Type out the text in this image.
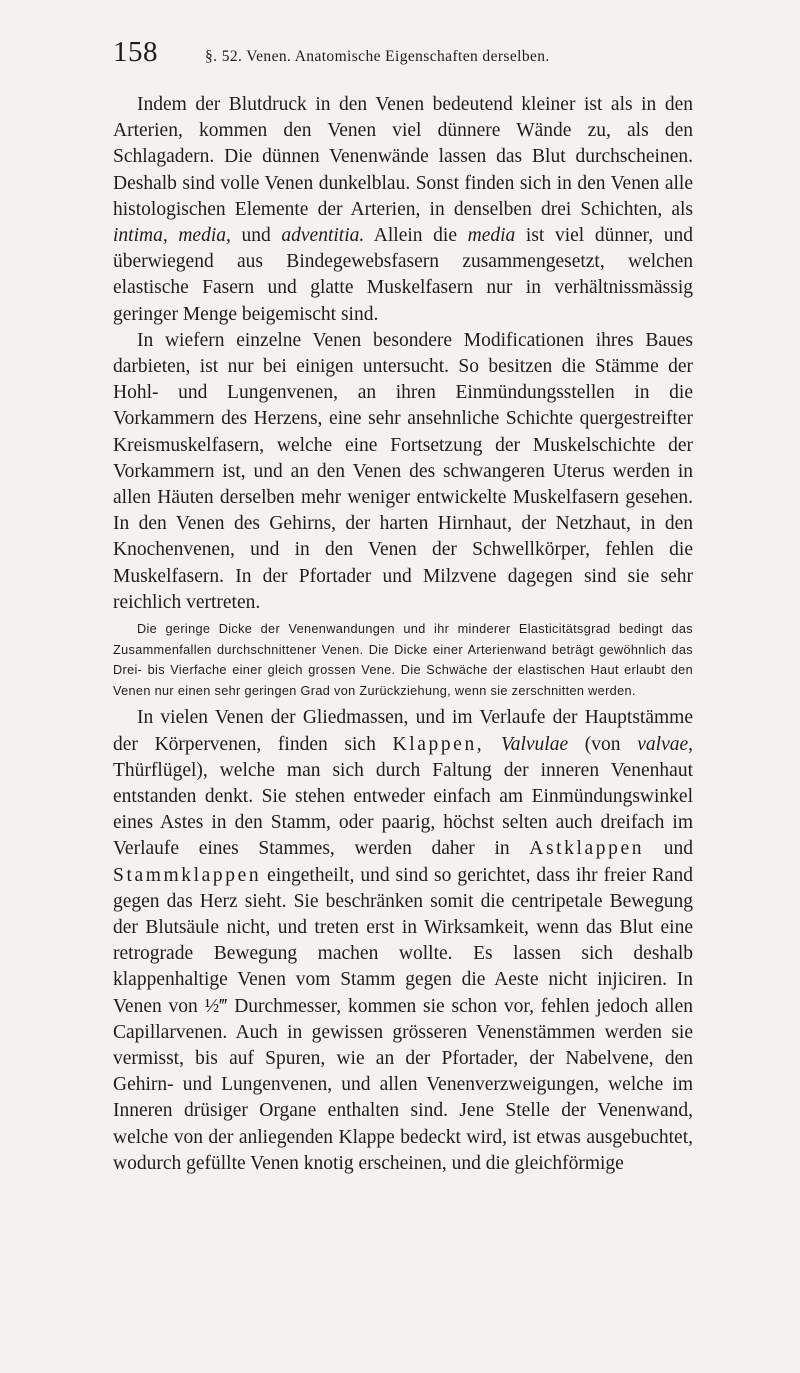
158	§. 52. Venen. Anatomische Eigenschaften derselben.

Indem der Blutdruck in den Venen bedeutend kleiner ist als in den Arterien, kommen den Venen viel dünnere Wände zu, als den Schlagadern. Die dünnen Venenwände lassen das Blut durchscheinen. Deshalb sind volle Venen dunkelblau. Sonst finden sich in den Venen alle histologischen Elemente der Arterien, in denselben drei Schichten, als intima, media, und adventitia. Allein die media ist viel dünner, und überwiegend aus Bindegewebsfasern zusammengesetzt, welchen elastische Fasern und glatte Muskelfasern nur in verhältnissmässig geringer Menge beigemischt sind.

In wiefern einzelne Venen besondere Modificationen ihres Baues darbieten, ist nur bei einigen untersucht. So besitzen die Stämme der Hohl- und Lungenvenen, an ihren Einmündungsstellen in die Vorkammern des Herzens, eine sehr ansehnliche Schichte quergestreifter Kreismuskelfasern, welche eine Fortsetzung der Muskelschichte der Vorkammern ist, und an den Venen des schwangeren Uterus werden in allen Häuten derselben mehr weniger entwickelte Muskelfasern gesehen. In den Venen des Gehirns, der harten Hirnhaut, der Netzhaut, in den Knochenvenen, und in den Venen der Schwellkörper, fehlen die Muskelfasern. In der Pfortader und Milzvene dagegen sind sie sehr reichlich vertreten.

Die geringe Dicke der Venenwandungen und ihr minderer Elasticitätsgrad bedingt das Zusammenfallen durchschnittener Venen. Die Dicke einer Arterienwand beträgt gewöhnlich das Drei- bis Vierfache einer gleich grossen Vene. Die Schwäche der elastischen Haut erlaubt den Venen nur einen sehr geringen Grad von Zurückziehung, wenn sie zerschnitten werden.

In vielen Venen der Gliedmassen, und im Verlaufe der Hauptstämme der Körpervenen, finden sich Klappen, Valvulae (von valvae, Thürflügel), welche man sich durch Faltung der inneren Venenhaut entstanden denkt. Sie stehen entweder einfach am Einmündungswinkel eines Astes in den Stamm, oder paarig, höchst selten auch dreifach im Verlaufe eines Stammes, werden daher in Astklappen und Stammklappen eingetheilt, und sind so gerichtet, dass ihr freier Rand gegen das Herz sieht. Sie beschränken somit die centripetale Bewegung der Blutsäule nicht, und treten erst in Wirksamkeit, wenn das Blut eine retrograde Bewegung machen wollte. Es lassen sich deshalb klappenhaltige Venen vom Stamm gegen die Aeste nicht injiciren. In Venen von ½‴ Durchmesser, kommen sie schon vor, fehlen jedoch allen Capillarvenen. Auch in gewissen grösseren Venenstämmen werden sie vermisst, bis auf Spuren, wie an der Pfortader, der Nabelvene, den Gehirn- und Lungenvenen, und allen Venenverzweigungen, welche im Inneren drüsiger Organe enthalten sind. Jene Stelle der Venenwand, welche von der anliegenden Klappe bedeckt wird, ist etwas ausgebuchtet, wodurch gefüllte Venen knotig erscheinen, und die gleichförmige
